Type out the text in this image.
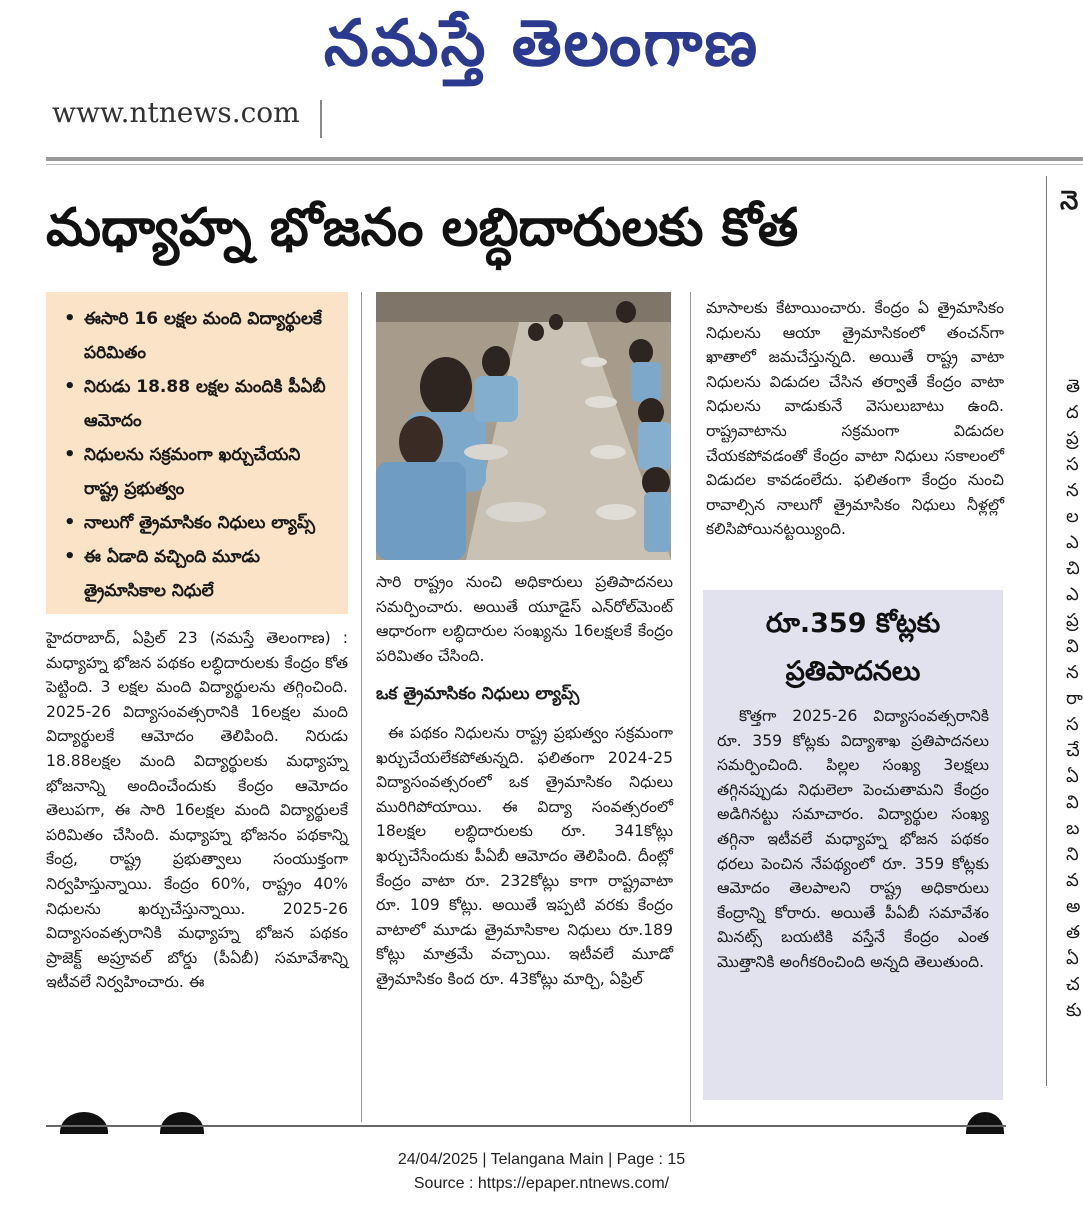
నమస్తే తెలంగాణ
www.ntnews.com
మధ్యాహ్న భోజనం లబ్ధిదారులకు కోత	నె
తె
ద
ప్ర
స
న
ల
ఎ
చి
ఎ
ప్ర
వి
న
రా
స
చే
ఏ
వి
బ
ని
వ
అ
త
ఏ
చ
కు
• ఈసారి 16 లక్షల మంది విద్యార్థులకే పరిమితం
• నిరుడు 18.88 లక్షల మందికి పీఏబీ ఆమోదం
• నిధులను సక్రమంగా ఖర్చుచేయని రాష్ట్ర ప్రభుత్వం
• నాలుగో త్రైమాసికం నిధులు ల్యాప్స్
• ఈ ఏడాది వచ్చింది మూడు త్రైమాసికాల నిధులే

హైదరాబాద్, ఏప్రిల్ 23 (నమస్తే తెలంగాణ) : మధ్యాహ్న భోజన పథకం లబ్ధిదారులకు కేంద్రం కోత పెట్టింది. 3 లక్షల మంది విద్యార్థులను తగ్గించింది. 2025-26 విద్యాసంవత్సరానికి 16లక్షల మంది విద్యార్థులకే ఆమోదం తెలిపింది. నిరుడు 18.88లక్షల మంది విద్యార్థులకు మధ్యాహ్న భోజనాన్ని అందించేందుకు కేంద్రం ఆమోదం తెలుపగా, ఈ సారి 16లక్షల మంది విద్యార్థులకే పరిమితం చేసింది. మధ్యాహ్న భోజనం పథకాన్ని కేంద్ర, రాష్ట్ర ప్రభుత్వాలు సంయుక్తంగా నిర్వహిస్తున్నాయి. కేంద్రం 60%, రాష్ట్రం 40% నిధులను ఖర్చుచేస్తున్నాయి. 2025-26 విద్యాసంవత్సరానికి మధ్యాహ్న భోజన పథకం ప్రాజెక్ట్ అప్రూవల్ బోర్డు (పీఏబీ) సమావేశాన్ని ఇటీవలే నిర్వహించారు. ఈ

సారి రాష్ట్రం నుంచి అధికారులు ప్రతిపాదనలు సమర్పించారు. అయితే యూడైస్ ఎన్‌రోల్‌మెంట్ ఆధారంగా లబ్ధిదారుల సంఖ్యను 16లక్షలకే కేంద్రం పరిమితం చేసింది.

ఒక త్రైమాసికం నిధులు ల్యాప్స్

ఈ పథకం నిధులను రాష్ట్ర ప్రభుత్వం సక్రమంగా ఖర్చుచేయలేకపోతున్నది. ఫలితంగా 2024-25 విద్యాసంవత్సరంలో ఒక త్రైమాసికం నిధులు మురిగిపోయాయి. ఈ విద్యా సంవత్సరంలో 18లక్షల లబ్ధిదారులకు రూ. 341కోట్లు ఖర్చుచేసేందుకు పీఏబీ ఆమోదం తెలిపింది. దీంట్లో కేంద్రం వాటా రూ. 232కోట్లు కాగా రాష్ట్రవాటా రూ. 109 కోట్లు. అయితే ఇప్పటి వరకు కేంద్రం వాటాలో మూడు త్రైమాసికాల నిధులు రూ.189 కోట్లు మాత్రమే వచ్చాయి. ఇటీవలే మూడో త్రైమాసికం కింద రూ. 43కోట్లు మార్చి, ఏప్రిల్

మాసాలకు కేటాయించారు. కేంద్రం ఏ త్రైమాసికం నిధులను ఆయా త్రైమాసికంలో తంచన్‌గా ఖాతాలో జమచేస్తున్నది. అయితే రాష్ట్ర వాటా నిధులను విడుదల చేసిన తర్వాతే కేంద్రం వాటా నిధులను వాడుకునే వెసులుబాటు ఉంది. రాష్ట్రవాటాను సక్రమంగా విడుదల చేయకపోవడంతో కేంద్రం వాటా నిధులు సకాలంలో విడుదల కావడంలేదు. ఫలితంగా కేంద్రం నుంచి రావాల్సిన నాలుగో త్రైమాసికం నిధులు నీళ్లల్లో కలిసిపోయినట్టయ్యింది.

రూ.359 కోట్లకు
ప్రతిపాదనలు
కొత్తగా 2025-26 విద్యాసంవత్సరానికి రూ. 359 కోట్లకు విద్యాశాఖ ప్రతిపాదనలు సమర్పించింది. పిల్లల సంఖ్య 3లక్షలు తగ్గినప్పుడు నిధులెలా పెంచుతామని కేంద్రం అడిగినట్టు సమాచారం. విద్యార్థుల సంఖ్య తగ్గినా ఇటీవలే మధ్యాహ్న భోజన పథకం ధరలు పెంచిన నేపథ్యంలో రూ. 359 కోట్లకు ఆమోదం తెలపాలని రాష్ట్ర అధికారులు కేంద్రాన్ని కోరారు. అయితే పీఏబీ సమావేశం మినట్స్ బయటికి వస్తేనే కేంద్రం ఎంత మొత్తానికి అంగీకరించింది అన్నది తెలుతుంది.
24/04/2025 | Telangana Main | Page : 15
Source : https://epaper.ntnews.com/
